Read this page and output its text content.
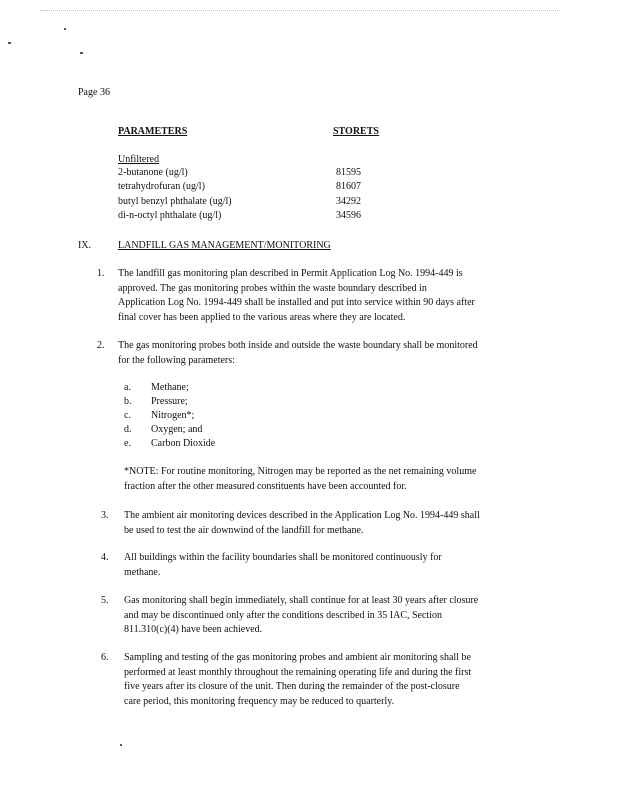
Page 36
PARAMETERS	STORETS
Unfiltered
2-butanone (ug/l)	81595
tetrahydrofuran (ug/l)	81607
butyl benzyl phthalate (ug/l)	34292
di-n-octyl phthalate (ug/l)	34596
IX.	LANDFILL GAS MANAGEMENT/MONITORING
1. The landfill gas monitoring plan described in Permit Application Log No. 1994-449 is
approved. The gas monitoring probes within the waste boundary described in
Application Log No. 1994-449 shall be installed and put into service within 90 days after
final cover has been applied to the various areas where they are located.
2. The gas monitoring probes both inside and outside the waste boundary shall be monitored
for the following parameters:
a. Methane;
b. Pressure;
c. Nitrogen*;
d. Oxygen; and
e. Carbon Dioxide
*NOTE: For routine monitoring, Nitrogen may be reported as the net remaining volume
fraction after the other measured constituents have been accounted for.
3. The ambient air monitoring devices described in the Application Log No. 1994-449 shall
be used to test the air downwind of the landfill for methane.
4. All buildings within the facility boundaries shall be monitored continuously for
methane.
5. Gas monitoring shall begin immediately, shall continue for at least 30 years after closure
and may be discontinued only after the conditions described in 35 IAC, Section
811.310(c)(4) have been achieved.
6. Sampling and testing of the gas monitoring probes and ambient air monitoring shall be
performed at least monthly throughout the remaining operating life and during the first
five years after its closure of the unit. Then during the remainder of the post-closure
care period, this monitoring frequency may be reduced to quarterly.
